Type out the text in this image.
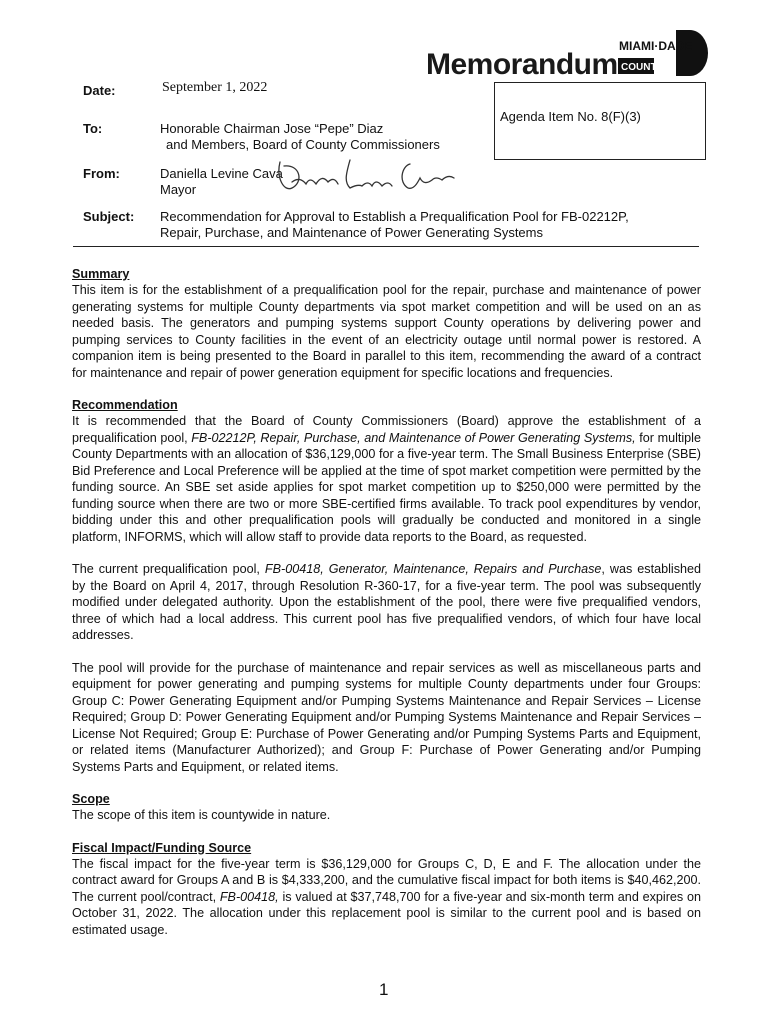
Memorandum
MIAMI·DADE
COUNTY
Date:	September 1, 2022
Agenda Item No. 8(F)(3)
To:	Honorable Chairman Jose “Pepe” Diaz
and Members, Board of County Commissioners
From:	Daniella Levine Cava
Mayor
Subject: Recommendation for Approval to Establish a Prequalification Pool for FB-02212P,
Repair, Purchase, and Maintenance of Power Generating Systems
Summary

This item is for the establishment of a prequalification pool for the repair, purchase and maintenance of power generating systems for multiple County departments via spot market competition and will be used on an as needed basis. The generators and pumping systems support County operations by delivering power and pumping services to County facilities in the event of an electricity outage until normal power is restored. A companion item is being presented to the Board in parallel to this item, recommending the award of a contract for maintenance and repair of power generation equipment for specific locations and frequencies.

Recommendation

It is recommended that the Board of County Commissioners (Board) approve the establishment of a prequalification pool, FB-02212P, Repair, Purchase, and Maintenance of Power Generating Systems, for multiple County Departments with an allocation of $36,129,000 for a five-year term. The Small Business Enterprise (SBE) Bid Preference and Local Preference will be applied at the time of spot market competition were permitted by the funding source. An SBE set aside applies for spot market competition up to $250,000 were permitted by the funding source when there are two or more SBE-certified firms available. To track pool expenditures by vendor, bidding under this and other prequalification pools will gradually be conducted and monitored in a single platform, INFORMS, which will allow staff to provide data reports to the Board, as requested.

The current prequalification pool, FB-00418, Generator, Maintenance, Repairs and Purchase, was established by the Board on April 4, 2017, through Resolution R-360-17, for a five-year term. The pool was subsequently modified under delegated authority. Upon the establishment of the pool, there were five prequalified vendors, three of which had a local address. This current pool has five prequalified vendors, of which four have local addresses.

The pool will provide for the purchase of maintenance and repair services as well as miscellaneous parts and equipment for power generating and pumping systems for multiple County departments under four Groups: Group C: Power Generating Equipment and/or Pumping Systems Maintenance and Repair Services – License Required; Group D: Power Generating Equipment and/or Pumping Systems Maintenance and Repair Services – License Not Required; Group E: Purchase of Power Generating and/or Pumping Systems Parts and Equipment, or related items (Manufacturer Authorized); and Group F: Purchase of Power Generating and/or Pumping Systems Parts and Equipment, or related items.

Scope

The scope of this item is countywide in nature.

Fiscal Impact/Funding Source

The fiscal impact for the five-year term is $36,129,000 for Groups C, D, E and F. The allocation under the contract award for Groups A and B is $4,333,200, and the cumulative fiscal impact for both items is $40,462,200. The current pool/contract, FB-00418, is valued at $37,748,700 for a five-year and six-month term and expires on October 31, 2022. The allocation under this replacement pool is similar to the current pool and is based on estimated usage.

1
